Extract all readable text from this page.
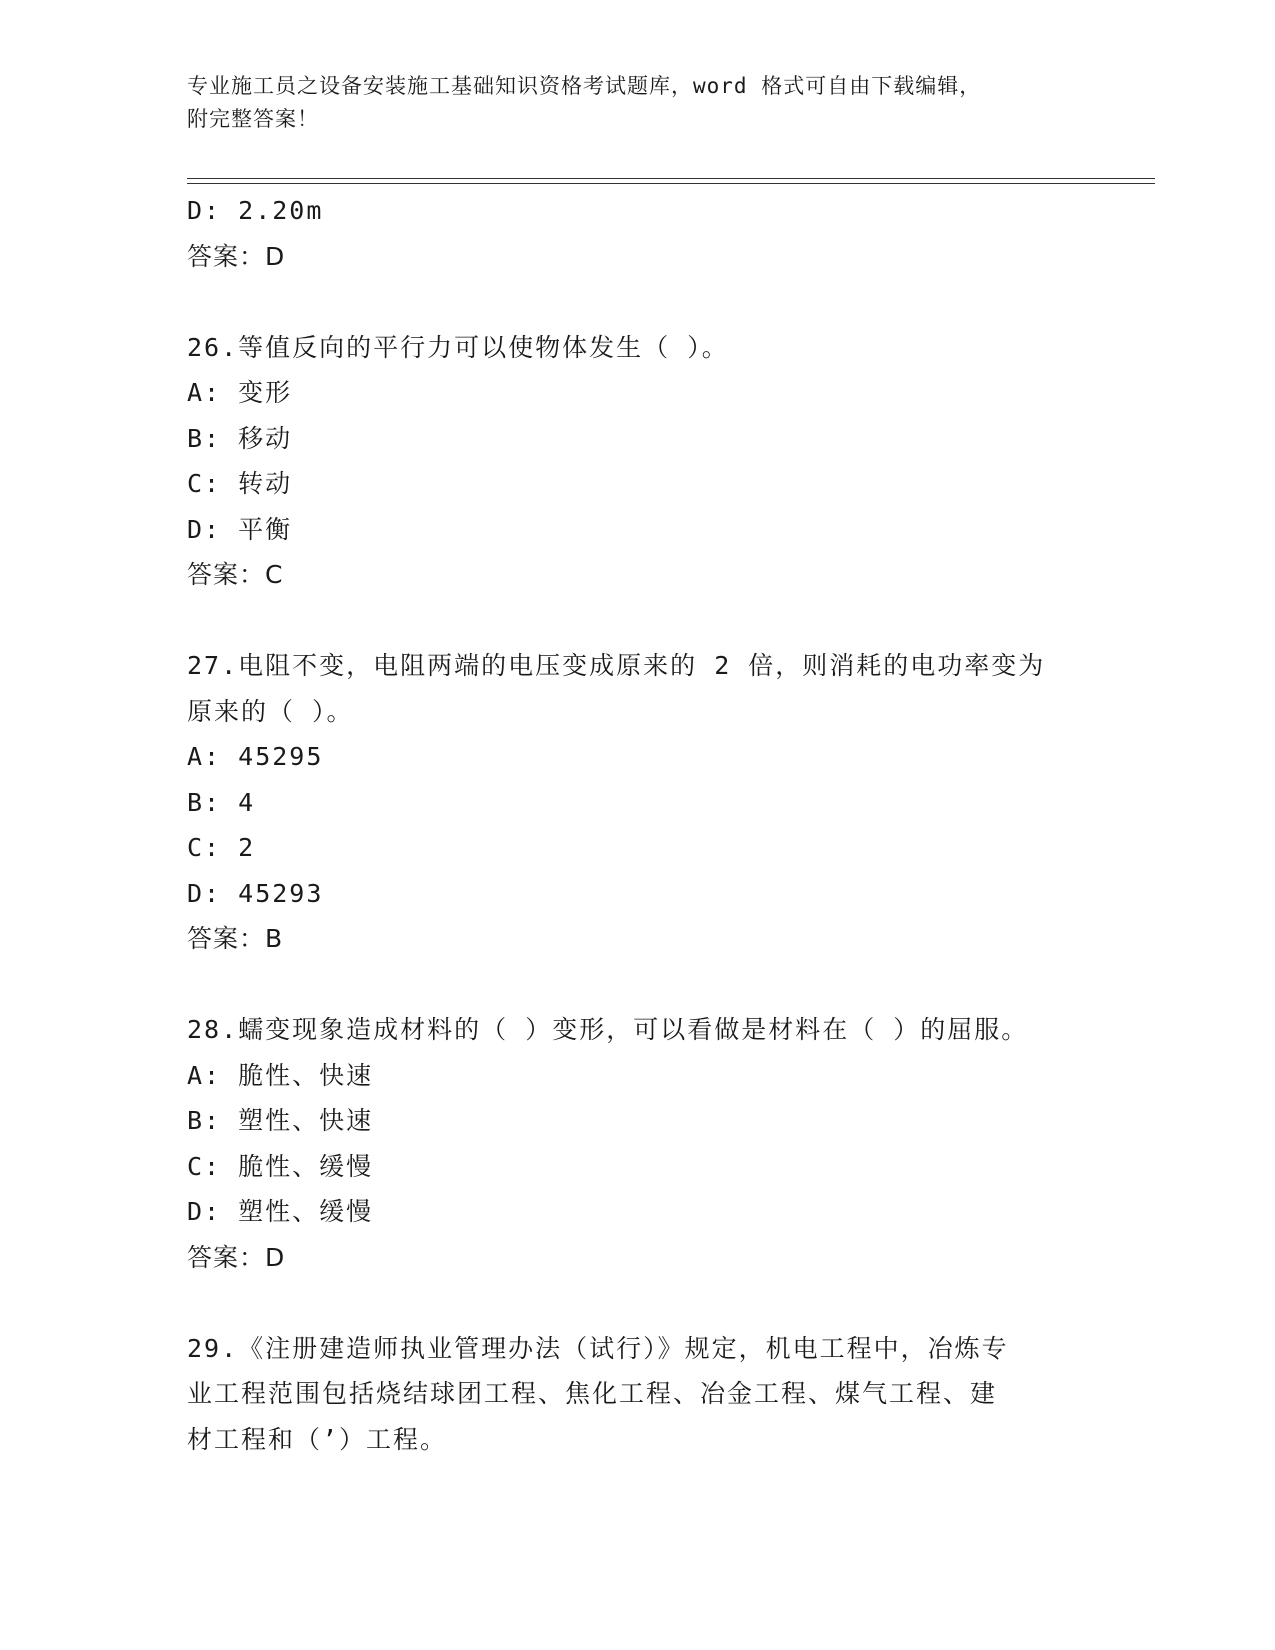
专业施工员之设备安装施工基础知识资格考试题库，word 格式可自由下载编辑，
附完整答案！
D: 2.20m
答案：D
26.等值反向的平行力可以使物体发生（ ）。
A: 变形
B: 移动
C: 转动
D: 平衡
答案：C
27.电阻不变，电阻两端的电压变成原来的 2 倍，则消耗的电功率变为
原来的（ ）。
A: 45295
B: 4
C: 2
D: 45293
答案：B
28.蠕变现象造成材料的（ ）变形，可以看做是材料在（ ）的屈服。
A: 脆性、快速
B: 塑性、快速
C: 脆性、缓慢
D: 塑性、缓慢
答案：D
29.《注册建造师执业管理办法（试行）》规定，机电工程中，冶炼专
业工程范围包括烧结球团工程、焦化工程、冶金工程、煤气工程、建
材工程和（’）工程。
